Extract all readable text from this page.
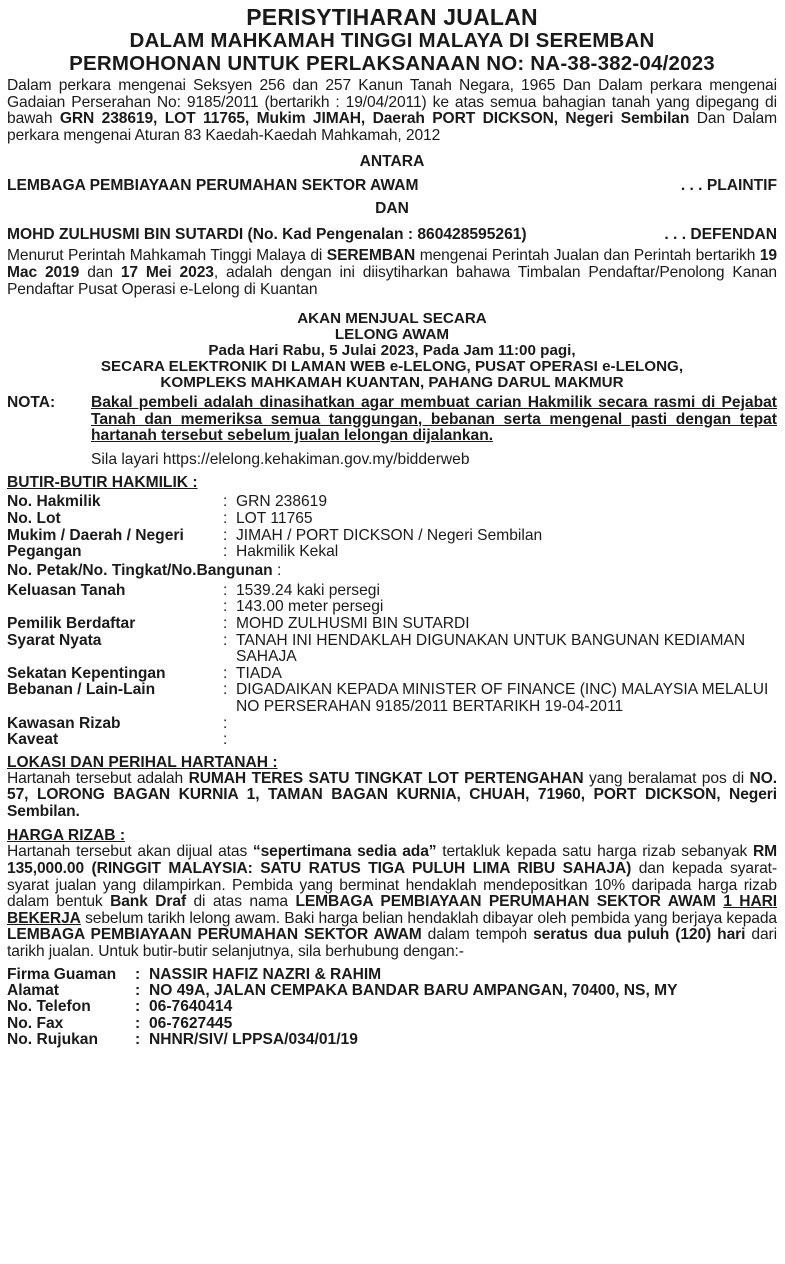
PERISYTIHARAN JUALAN
DALAM MAHKAMAH TINGGI MALAYA DI SEREMBAN
PERMOHONAN UNTUK PERLAKSANAAN NO: NA-38-382-04/2023
Dalam perkara mengenai Seksyen 256 dan 257 Kanun Tanah Negara, 1965 Dan Dalam perkara mengenai Gadaian Perserahan No: 9185/2011 (bertarikh : 19/04/2011) ke atas semua bahagian tanah yang dipegang di bawah GRN 238619, LOT 11765, Mukim JIMAH, Daerah PORT DICKSON, Negeri Sembilan Dan Dalam perkara mengenai Aturan 83 Kaedah-Kaedah Mahkamah, 2012
ANTARA
LEMBAGA PEMBIAYAAN PERUMAHAN SEKTOR AWAM	. . . PLAINTIF
DAN
MOHD ZULHUSMI BIN SUTARDI (No. Kad Pengenalan : 860428595261)	. . . DEFENDAN
Menurut Perintah Mahkamah Tinggi Malaya di SEREMBAN mengenai Perintah Jualan dan Perintah bertarikh 19 Mac 2019 dan 17 Mei 2023, adalah dengan ini diisytiharkan bahawa Timbalan Pendaftar/Penolong Kanan Pendaftar Pusat Operasi e-Lelong di Kuantan
AKAN MENJUAL SECARA
LELONG AWAM
Pada Hari Rabu, 5 Julai 2023, Pada Jam 11:00 pagi,
SECARA ELEKTRONIK DI LAMAN WEB e-LELONG, PUSAT OPERASI e-LELONG,
KOMPLEKS MAHKAMAH KUANTAN, PAHANG DARUL MAKMUR
NOTA:	Bakal pembeli adalah dinasihatkan agar membuat carian Hakmilik secara rasmi di Pejabat Tanah dan memeriksa semua tanggungan, bebanan serta mengenal pasti dengan tepat hartanah tersebut sebelum jualan lelongan dijalankan.
Sila layari https://elelong.kehakiman.gov.my/bidderweb
BUTIR-BUTIR HAKMILIK :
No. Hakmilik	:	GRN 238619
No. Lot	:	LOT 11765
Mukim / Daerah / Negeri	:	JIMAH / PORT DICKSON / Negeri Sembilan
Pegangan	:	Hakmilik Kekal
No. Petak/No. Tingkat/No.Bangunan :
Keluasan Tanah	:	1539.24 kaki persegi
	:	143.00 meter persegi
Pemilik Berdaftar	:	MOHD ZULHUSMI BIN SUTARDI
Syarat Nyata	:	TANAH INI HENDAKLAH DIGUNAKAN UNTUK BANGUNAN KEDIAMAN SAHAJA
Sekatan Kepentingan	:	TIADA
Bebanan / Lain-Lain	:	DIGADAIKAN KEPADA MINISTER OF FINANCE (INC) MALAYSIA MELALUI NO PERSERAHAN 9185/2011 BERTARIKH 19-04-2011
Kawasan Rizab	:	
Kaveat	:	
LOKASI DAN PERIHAL HARTANAH :
Hartanah tersebut adalah RUMAH TERES SATU TINGKAT LOT PERTENGAHAN yang beralamat pos di NO. 57, LORONG BAGAN KURNIA 1, TAMAN BAGAN KURNIA, CHUAH, 71960, PORT DICKSON, Negeri Sembilan.
HARGA RIZAB :
Hartanah tersebut akan dijual atas “sepertimana sedia ada” tertakluk kepada satu harga rizab sebanyak RM 135,000.00 (RINGGIT MALAYSIA: SATU RATUS TIGA PULUH LIMA RIBU SAHAJA) dan kepada syarat-syarat jualan yang dilampirkan. Pembida yang berminat hendaklah mendepositkan 10% daripada harga rizab dalam bentuk Bank Draf di atas nama LEMBAGA PEMBIAYAAN PERUMAHAN SEKTOR AWAM 1 HARI BEKERJA sebelum tarikh lelong awam. Baki harga belian hendaklah dibayar oleh pembida yang berjaya kepada LEMBAGA PEMBIAYAAN PERUMAHAN SEKTOR AWAM dalam tempoh seratus dua puluh (120) hari dari tarikh jualan. Untuk butir-butir selanjutnya, sila berhubung dengan:-
Firma Guaman	:	NASSIR HAFIZ NAZRI & RAHIM
Alamat	:	NO 49A, JALAN CEMPAKA BANDAR BARU AMPANGAN, 70400, NS, MY
No. Telefon	:	06-7640414
No. Fax	:	06-7627445
No. Rujukan	:	NHNR/SIV/ LPPSA/034/01/19
